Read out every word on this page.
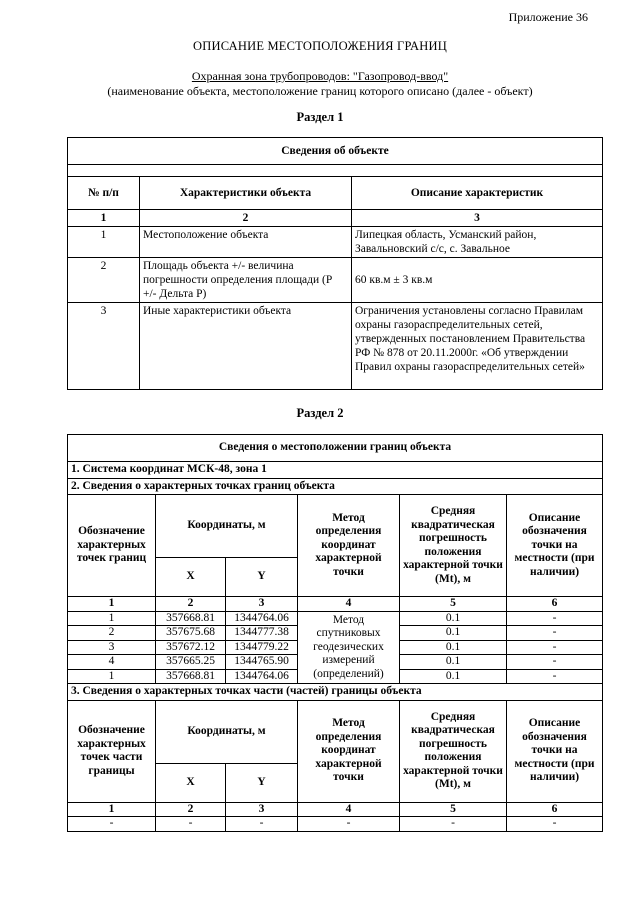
Приложение 36
ОПИСАНИЕ МЕСТОПОЛОЖЕНИЯ ГРАНИЦ
Охранная зона трубопроводов: "Газопровод-ввод"
(наименование объекта, местоположение границ которого описано (далее - объект)
Раздел 1
Сведения об объекте		

№ п/п	Характеристики объекта	Описание характеристик
1	2	3
1	Местоположение объекта	Липецкая область, Усманский район, Завальновский с/с, с. Завальное
2	Площадь объекта +/- величина погрешности определения площади (Р +/- Дельта Р)	60 кв.м ± 3 кв.м
3	Иные характеристики объекта	Ограничения установлены согласно Правилам охраны газораспределительных сетей, утвержденных постановлением Правительства РФ № 878 от 20.11.2000г. «Об утверждении Правил охраны газораспределительных сетей»
Раздел 2
Сведения о местоположении границ объекта					
1. Система координат МСК-48, зона 1					
2. Сведения о характерных точках границ объекта					
Обозначение характерных точек границ	Координаты, м		Метод определения координат характерной точки	Средняя квадратическая погрешность положения характерной точки (Mt), м	Описание обозначения точки на местности (при наличии)
	X	Y			
1	2	3	4	5	6
1	357668.81	1344764.06	Метод спутниковых геодезических измерений (определений)	0.1	-
2	357675.68	1344777.38		0.1	-
3	357672.12	1344779.22		0.1	-
4	357665.25	1344765.90		0.1	-
1	357668.81	1344764.06		0.1	-
3. Сведения о характерных точках части (частей) границы объекта					
Обозначение характерных точек части границы	Координаты, м		Метод определения координат характерной точки	Средняя квадратическая погрешность положения характерной точки (Mt), м	Описание обозначения точки на местности (при наличии)
	X	Y			
1	2	3	4	5	6
-	-	-	-	-	-
